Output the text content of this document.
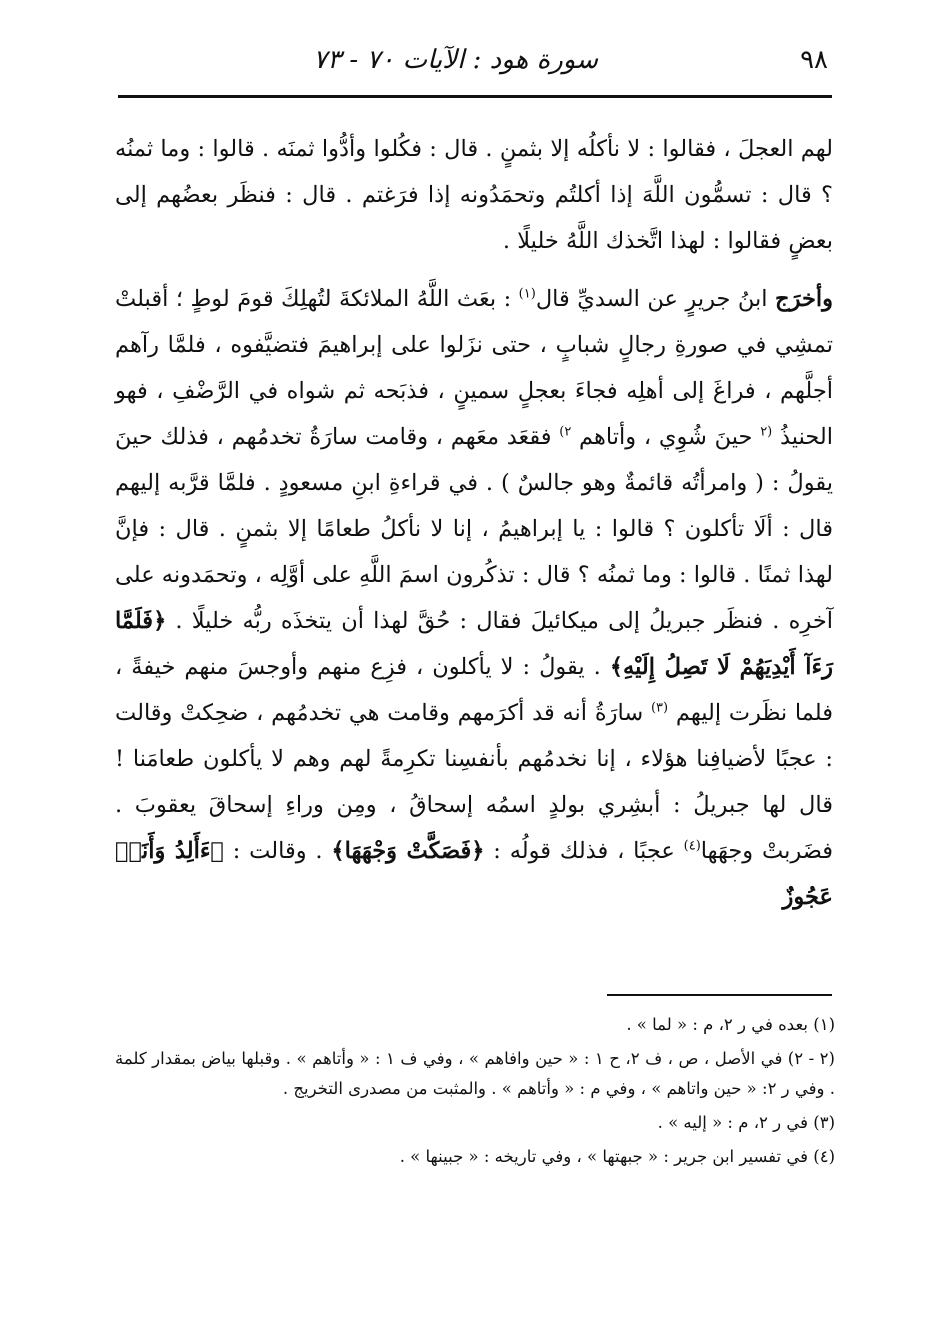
٩٨
سورة هود : الآيات ٧٠ - ٧٣

لهم العجلَ ، فقالوا : لا نأكلُه إلا بثمنٍ . قال : فكُلوا وأدُّوا ثمنَه . قالوا : وما ثمنُه ؟ قال : تسمُّون اللَّهَ إذا أكلتُم وتحمَدُونه إذا فرَغتم . قال : فنظَر بعضُهم إلى بعضٍ فقالوا : لهذا اتَّخذك اللَّهُ خليلًا .

وأخرَج ابنُ جريرٍ عن السديِّ قال$^{(١)}$ : بعَث اللَّهُ الملائكةَ لتُهلِكَ قومَ لوطٍ ؛ أقبلتْ تمشِي في صورةِ رجالٍ شبابٍ ، حتى نزَلوا على إبراهيمَ فتضيَّفوه ، فلمَّا رآهم أجلَّهم ، فراغَ إلى أهلِه فجاءَ بعجلٍ سمينٍ ، فذبَحه ثم شواه في الرَّضْفِ ، فهو الحنيذُ $^{(٢}$ حينَ شُوِي ، وأتاهم $^{٢)}$ فقعَد معَهم ، وقامت سارَةُ تخدمُهم ، فذلك حينَ يقولُ : ( وامرأتُه قائمةٌ وهو جالسٌ ) . في قراءةِ ابنِ مسعودٍ . فلمَّا قرَّبه إليهم قال : ألَا تأكلون ؟ قالوا : يا إبراهيمُ ، إنا لا نأكلُ طعامًا إلا بثمنٍ . قال : فإنَّ لهذا ثمنًا . قالوا : وما ثمنُه ؟ قال : تذكُرون اسمَ اللَّهِ على أوَّلِه ، وتحمَدونه على آخرِه . فنظَر جبريلُ إلى ميكائيلَ فقال : حُقَّ لهذا أن يتخذَه ربُّه خليلًا . ﴿فَلَمَّا رَءَآ أَيْدِيَهُمْ لَا تَصِلُ إِلَيْهِ﴾ . يقولُ : لا يأكلون ، فزِع منهم وأوجسَ منهم خيفةً ، فلما نظَرت إليهم $^{(٣)}$ سارَةُ أنه قد أكرَمهم وقامت هي تخدمُهم ، ضحِكتْ وقالت : عجبًا لأضيافِنا هؤلاء ، إنا نخدمُهم بأنفسِنا تكرِمةً لهم وهم لا يأكلون طعامَنا ! قال لها جبريلُ : أبشِري بولدٍ اسمُه إسحاقُ ، ومِن وراءِ إسحاقَ يعقوبَ . فضَربتْ وجهَها$^{(٤)}$ عجبًا ، فذلك قولُه : ﴿فَصَكَّتْ وَجْهَهَا﴾ . وقالت : ﴿ءَأَلِدُ وَأَنَا۠ عَجُوزٌ

(١) بعده في ر ٢، م : « لما » .

(٢ - ٢) في الأصل ، ص ، ف ٢، ح ١ : « حين وافاهم » ، وفي ف ١ : « وأتاهم » . وقبلها بياض بمقدار كلمة . وفي ر ٢: « حين واتاهم » ، وفي م : « وأتاهم » . والمثبت من مصدرى التخريج .

(٣) في ر ٢، م : « إليه » .

(٤) في تفسير ابن جرير : « جبهتها » ، وفي تاريخه : « جبينها » .
